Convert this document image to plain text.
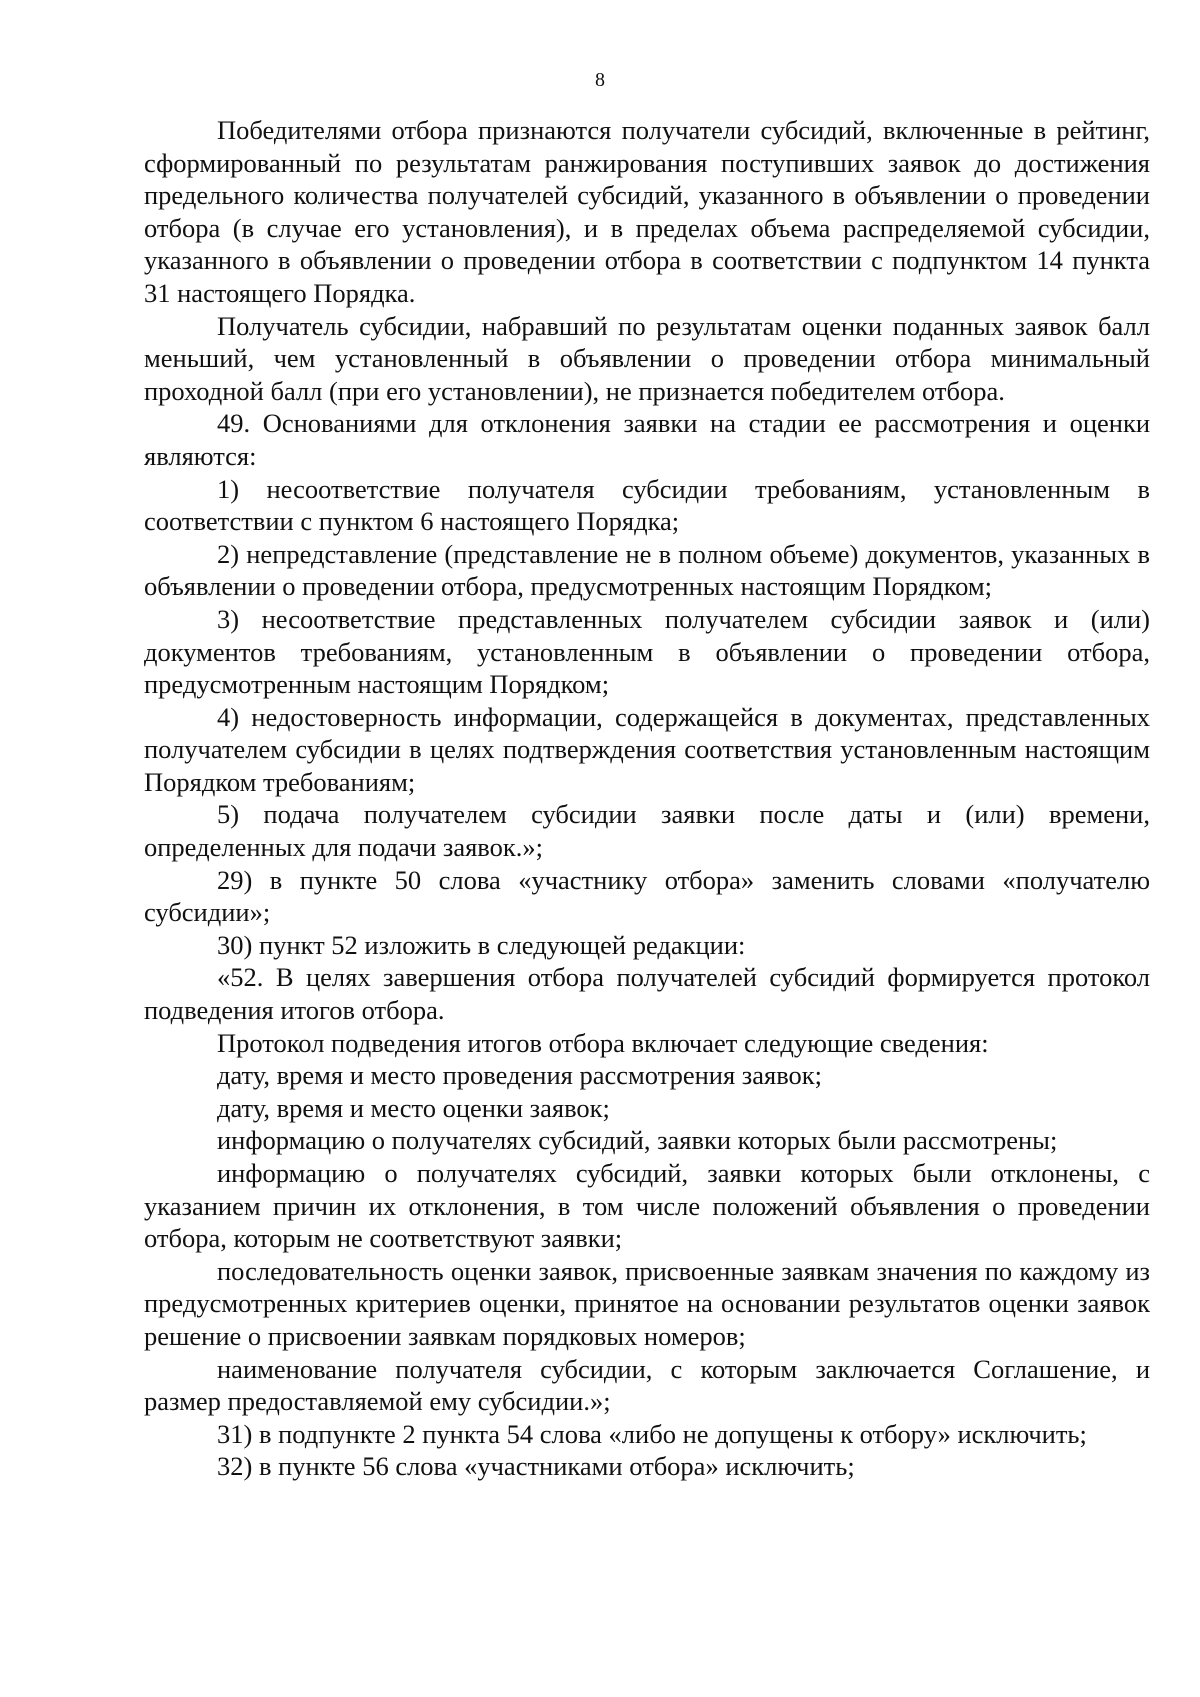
8

Победителями отбора признаются получатели субсидий, включенные в рейтинг, сформированный по результатам ранжирования поступивших заявок до достижения предельного количества получателей субсидий, указанного в объявлении о проведении отбора (в случае его установления), и в пределах объема распределяемой субсидии, указанного в объявлении о проведении отбора в соответствии с подпунктом 14 пункта 31 настоящего Порядка.

Получатель субсидии, набравший по результатам оценки поданных заявок балл меньший, чем установленный в объявлении о проведении отбора минимальный проходной балл (при его установлении), не признается победителем отбора.

49. Основаниями для отклонения заявки на стадии ее рассмотрения и оценки являются:

1) несоответствие получателя субсидии требованиям, установленным в соответствии с пунктом 6 настоящего Порядка;

2) непредставление (представление не в полном объеме) документов, указанных в объявлении о проведении отбора, предусмотренных настоящим Порядком;

3) несоответствие представленных получателем субсидии заявок и (или) документов требованиям, установленным в объявлении о проведении отбора, предусмотренным настоящим Порядком;

4) недостоверность информации, содержащейся в документах, представленных получателем субсидии в целях подтверждения соответствия установленным настоящим Порядком требованиям;

5) подача получателем субсидии заявки после даты и (или) времени, определенных для подачи заявок.»;

29) в пункте 50 слова «участнику отбора» заменить словами «получателю субсидии»;

30) пункт 52 изложить в следующей редакции:

«52. В целях завершения отбора получателей субсидий формируется протокол подведения итогов отбора.

Протокол подведения итогов отбора включает следующие сведения:

дату, время и место проведения рассмотрения заявок;

дату, время и место оценки заявок;

информацию о получателях субсидий, заявки которых были рассмотрены;

информацию о получателях субсидий, заявки которых были отклонены, с указанием причин их отклонения, в том числе положений объявления о проведении отбора, которым не соответствуют заявки;

последовательность оценки заявок, присвоенные заявкам значения по каждому из предусмотренных критериев оценки, принятое на основании результатов оценки заявок решение о присвоении заявкам порядковых номеров;

наименование получателя субсидии, с которым заключается Соглашение, и размер предоставляемой ему субсидии.»;

31) в подпункте 2 пункта 54 слова «либо не допущены к отбору» исключить;

32) в пункте 56 слова «участниками отбора» исключить;
